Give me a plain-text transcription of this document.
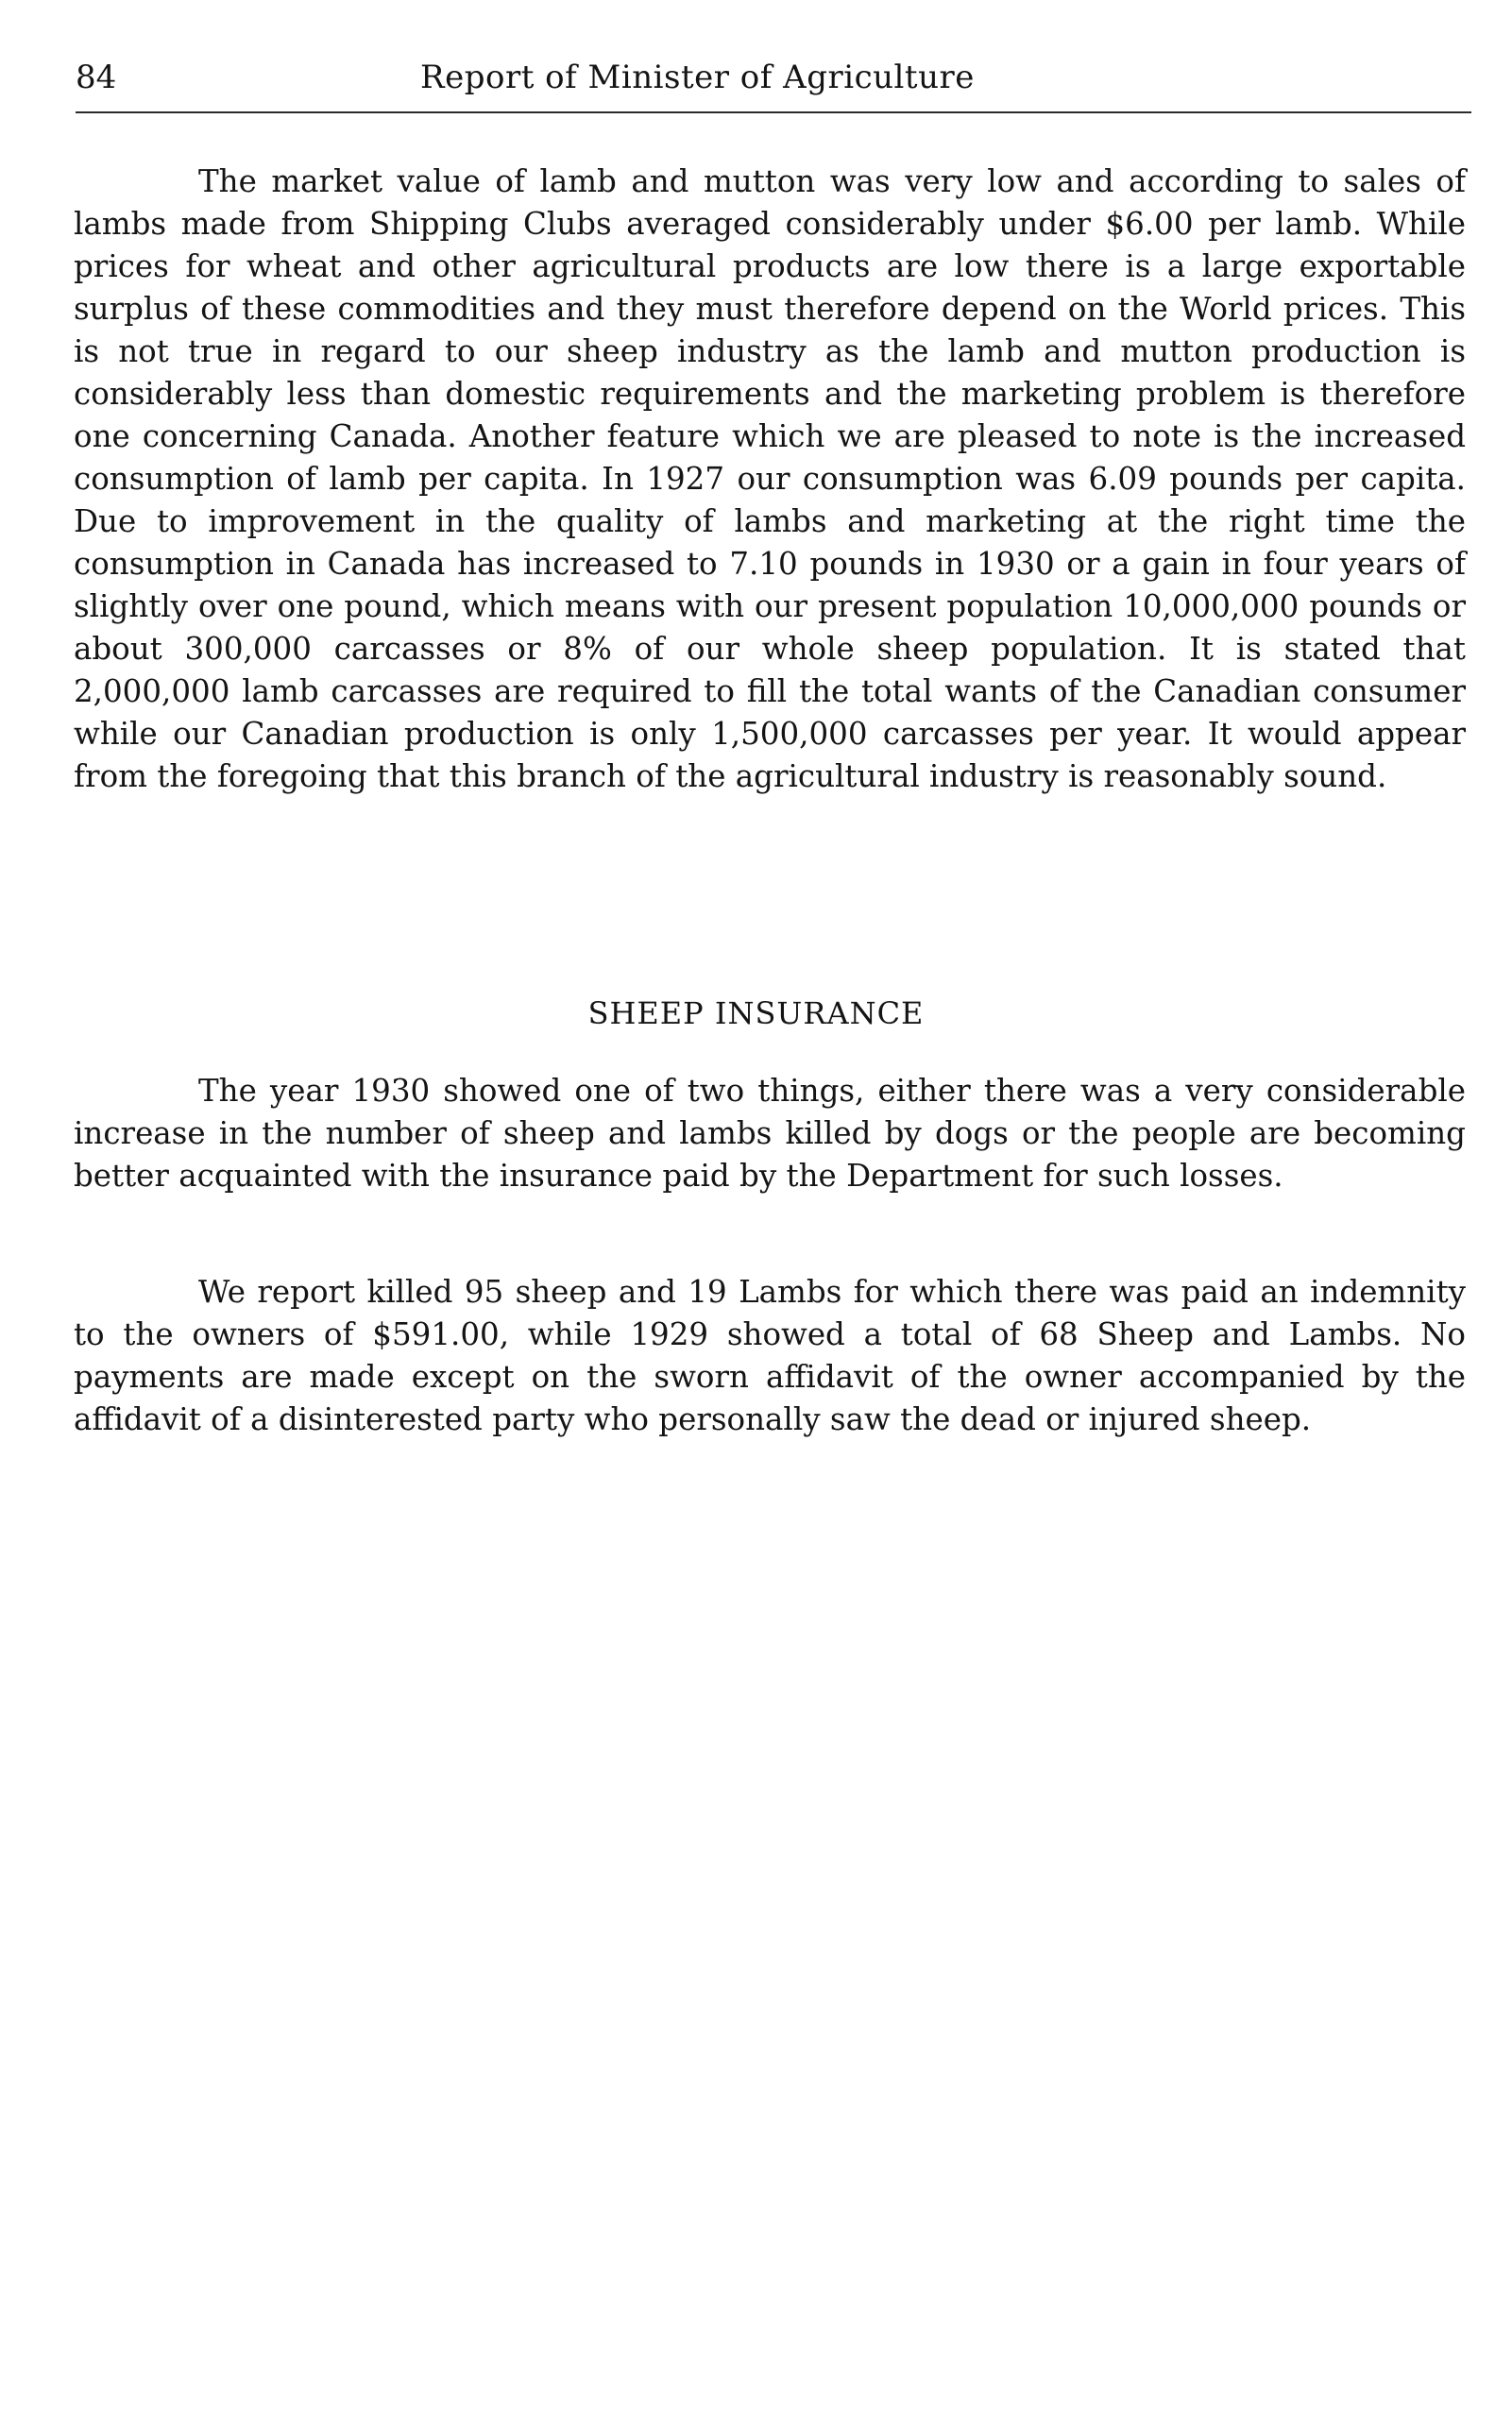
84	Report of Minister of Agriculture

The market value of lamb and mutton was very low and according to sales of lambs made from Shipping Clubs averaged considerably under $6.00 per lamb. While prices for wheat and other agricultural products are low there is a large exportable surplus of these commodities and they must therefore depend on the World prices. This is not true in regard to our sheep industry as the lamb and mutton production is considerably less than domestic requirements and the marketing problem is therefore one concerning Canada. Another feature which we are pleased to note is the increased consumption of lamb per capita. In 1927 our consumption was 6.09 pounds per capita. Due to improvement in the quality of lambs and marketing at the right time the consumption in Canada has increased to 7.10 pounds in 1930 or a gain in four years of slightly over one pound, which means with our present population 10,000,000 pounds or about 300,000 carcasses or 8% of our whole sheep population. It is stated that 2,000,000 lamb carcasses are required to fill the total wants of the Canadian consumer while our Canadian production is only 1,500,000 carcasses per year. It would appear from the foregoing that this branch of the agricultural industry is reasonably sound.

SHEEP INSURANCE

The year 1930 showed one of two things, either there was a very considerable increase in the number of sheep and lambs killed by dogs or the people are becoming better acquainted with the insurance paid by the Department for such losses.

We report killed 95 sheep and 19 Lambs for which there was paid an indemnity to the owners of $591.00, while 1929 showed a total of 68 Sheep and Lambs. No payments are made except on the sworn affidavit of the owner accompanied by the affidavit of a disinterested party who personally saw the dead or injured sheep.
